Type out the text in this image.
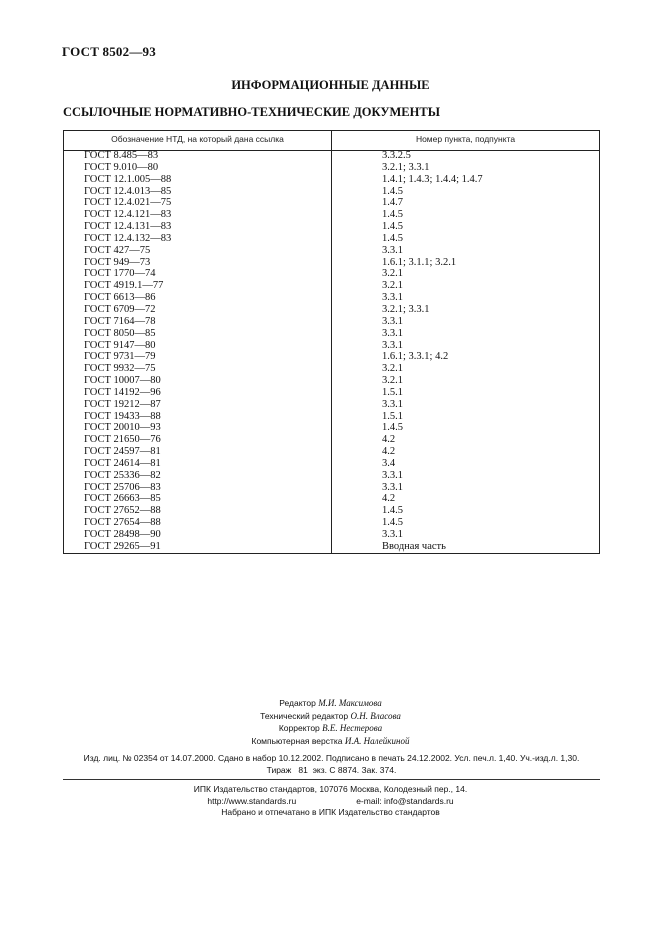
ГОСТ 8502—93
ИНФОРМАЦИОННЫЕ ДАННЫЕ
ССЫЛОЧНЫЕ НОРМАТИВНО-ТЕХНИЧЕСКИЕ ДОКУМЕНТЫ
Обозначение НТД, на который дана ссылка	Номер пункта, подпункта
ГОСТ 8.485—83	3.3.2.5
ГОСТ 9.010—80	3.2.1; 3.3.1
ГОСТ 12.1.005—88	1.4.1; 1.4.3; 1.4.4; 1.4.7
ГОСТ 12.4.013—85	1.4.5
ГОСТ 12.4.021—75	1.4.7
ГОСТ 12.4.121—83	1.4.5
ГОСТ 12.4.131—83	1.4.5
ГОСТ 12.4.132—83	1.4.5
ГОСТ 427—75	3.3.1
ГОСТ 949—73	1.6.1; 3.1.1; 3.2.1
ГОСТ 1770—74	3.2.1
ГОСТ 4919.1—77	3.2.1
ГОСТ 6613—86	3.3.1
ГОСТ 6709—72	3.2.1; 3.3.1
ГОСТ 7164—78	3.3.1
ГОСТ 8050—85	3.3.1
ГОСТ 9147—80	3.3.1
ГОСТ 9731—79	1.6.1; 3.3.1; 4.2
ГОСТ 9932—75	3.2.1
ГОСТ 10007—80	3.2.1
ГОСТ 14192—96	1.5.1
ГОСТ 19212—87	3.3.1
ГОСТ 19433—88	1.5.1
ГОСТ 20010—93	1.4.5
ГОСТ 21650—76	4.2
ГОСТ 24597—81	4.2
ГОСТ 24614—81	3.4
ГОСТ 25336—82	3.3.1
ГОСТ 25706—83	3.3.1
ГОСТ 26663—85	4.2
ГОСТ 27652—88	1.4.5
ГОСТ 27654—88	1.4.5
ГОСТ 28498—90	3.3.1
ГОСТ 29265—91	Вводная часть
Редактор М.И. Максимова
Технический редактор О.Н. Власова
Корректор В.Е. Нестерова
Компьютерная верстка И.А. Налейкиной
Изд. лиц. № 02354 от 14.07.2000. Сдано в набор 10.12.2002. Подписано в печать 24.12.2002. Усл. печ.л. 1,40. Уч.-изд.л. 1,30.
Тираж   81  экз. С 8874. Зак. 374.
ИПК Издательство стандартов, 107076 Москва, Колодезный пер., 14.
http://www.standards.ru	e-mail: info@standards.ru
Набрано и отпечатано в ИПК Издательство стандартов
